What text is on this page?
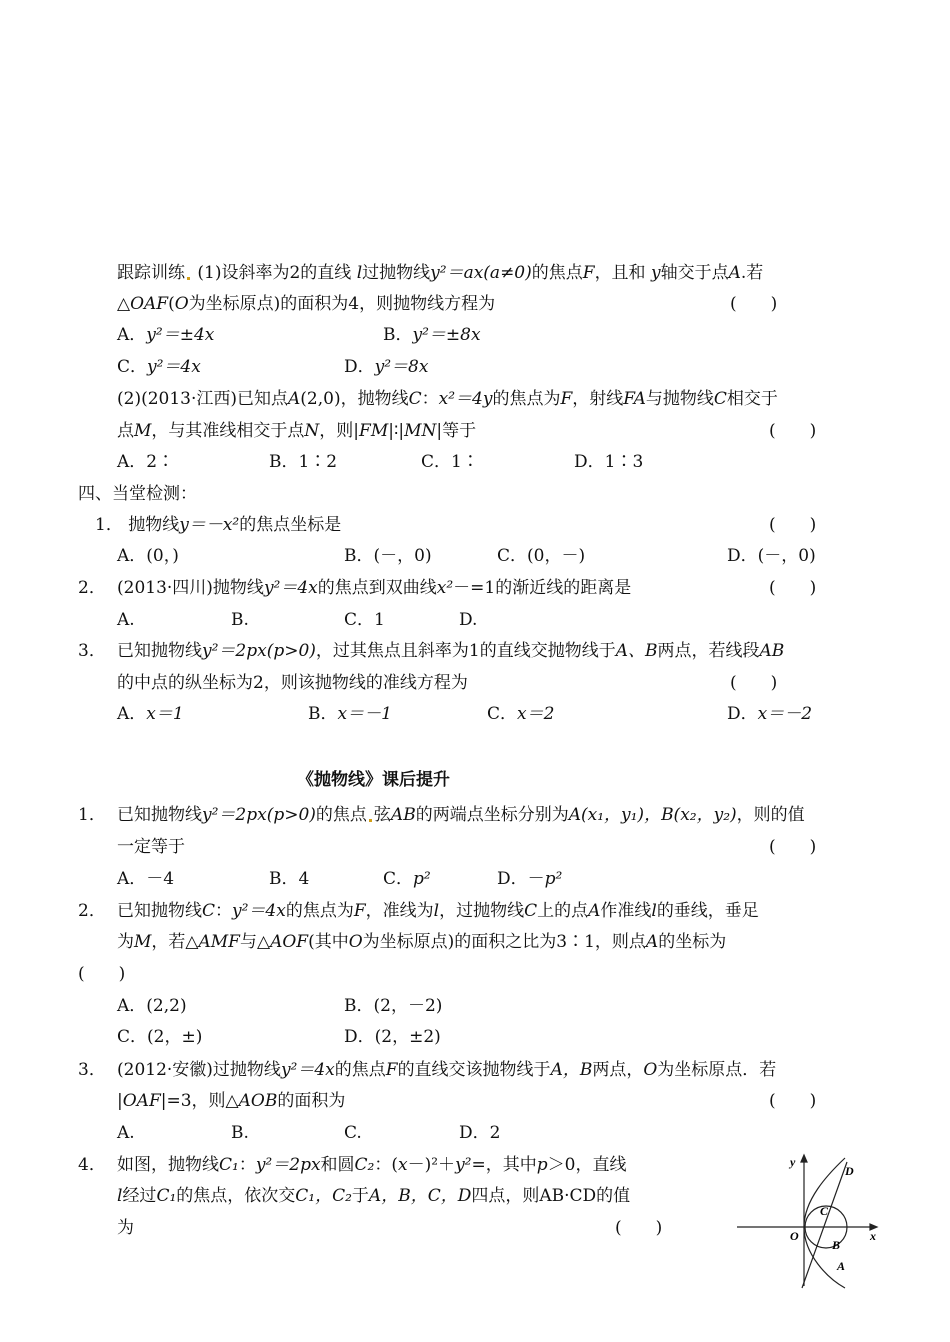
跟踪训练 (1)设斜率为2的直线 l过抛物线y²＝ax(a≠0)的焦点F，且和 y轴交于点A.若
△OAF(O为坐标原点)的面积为4，则抛物线方程为	(　　)
A．y²＝±4x	B．y²＝±8x
C．y²＝4x	D．y²＝8x
(2)(2013·江西)已知点A(2,0)，抛物线C：x²＝4y的焦点为F，射线FA与抛物线C相交于
点M，与其准线相交于点N，则|FM|∶|MN|等于	(　　)
A．2∶	B．1∶2	C．1∶	D．1∶3
四、当堂检测：
1． 抛物线y＝－x²的焦点坐标是	(　　)
A．(0，)	B．(－，0)	C．(0，－)	D．(－，0)
2． (2013·四川)抛物线y²＝4x的焦点到双曲线x²－=1的渐近线的距离是	(　　)
A.	B.	C．1	D.
3． 已知抛物线y²＝2px(p>0)，过其焦点且斜率为1的直线交抛物线于A、B两点，若线段AB
的中点的纵坐标为2，则该抛物线的准线方程为	(　　)
A．x＝1	B．x＝－1	C．x＝2	D．x＝－2
《抛物线》课后提升
1． 已知抛物线y²＝2px(p>0)的焦点 弦AB的两端点坐标分别为A(x₁，y₁)，B(x₂，y₂)，则的值
一定等于	(　　)
A．－4	B．4	C．p²	D．－p²
2． 已知抛物线C：y²＝4x的焦点为F，准线为l，过抛物线C上的点A作准线l的垂线，垂足
为M，若△AMF与△AOF(其中O为坐标原点)的面积之比为3∶1，则点A的坐标为
(　　)
A．(2,2)	B．(2，－2)
C．(2，±)	D．(2，±2)
3． (2012·安徽)过抛物线y²＝4x的焦点F的直线交该抛物线于A，B两点，O为坐标原点．若
|OAF|=3，则△AOB的面积为	(　　)
A.	B.	C.	D．2
4． 如图，抛物线C₁：y²＝2px和圆C₂：(x－)²＋y²=，其中p＞0，直线
l经过C₁的焦点，依次交C₁，C₂于A，B，C，D四点，则AB·CD的值
为	(　　)
y
x
O
C
B
A
D
